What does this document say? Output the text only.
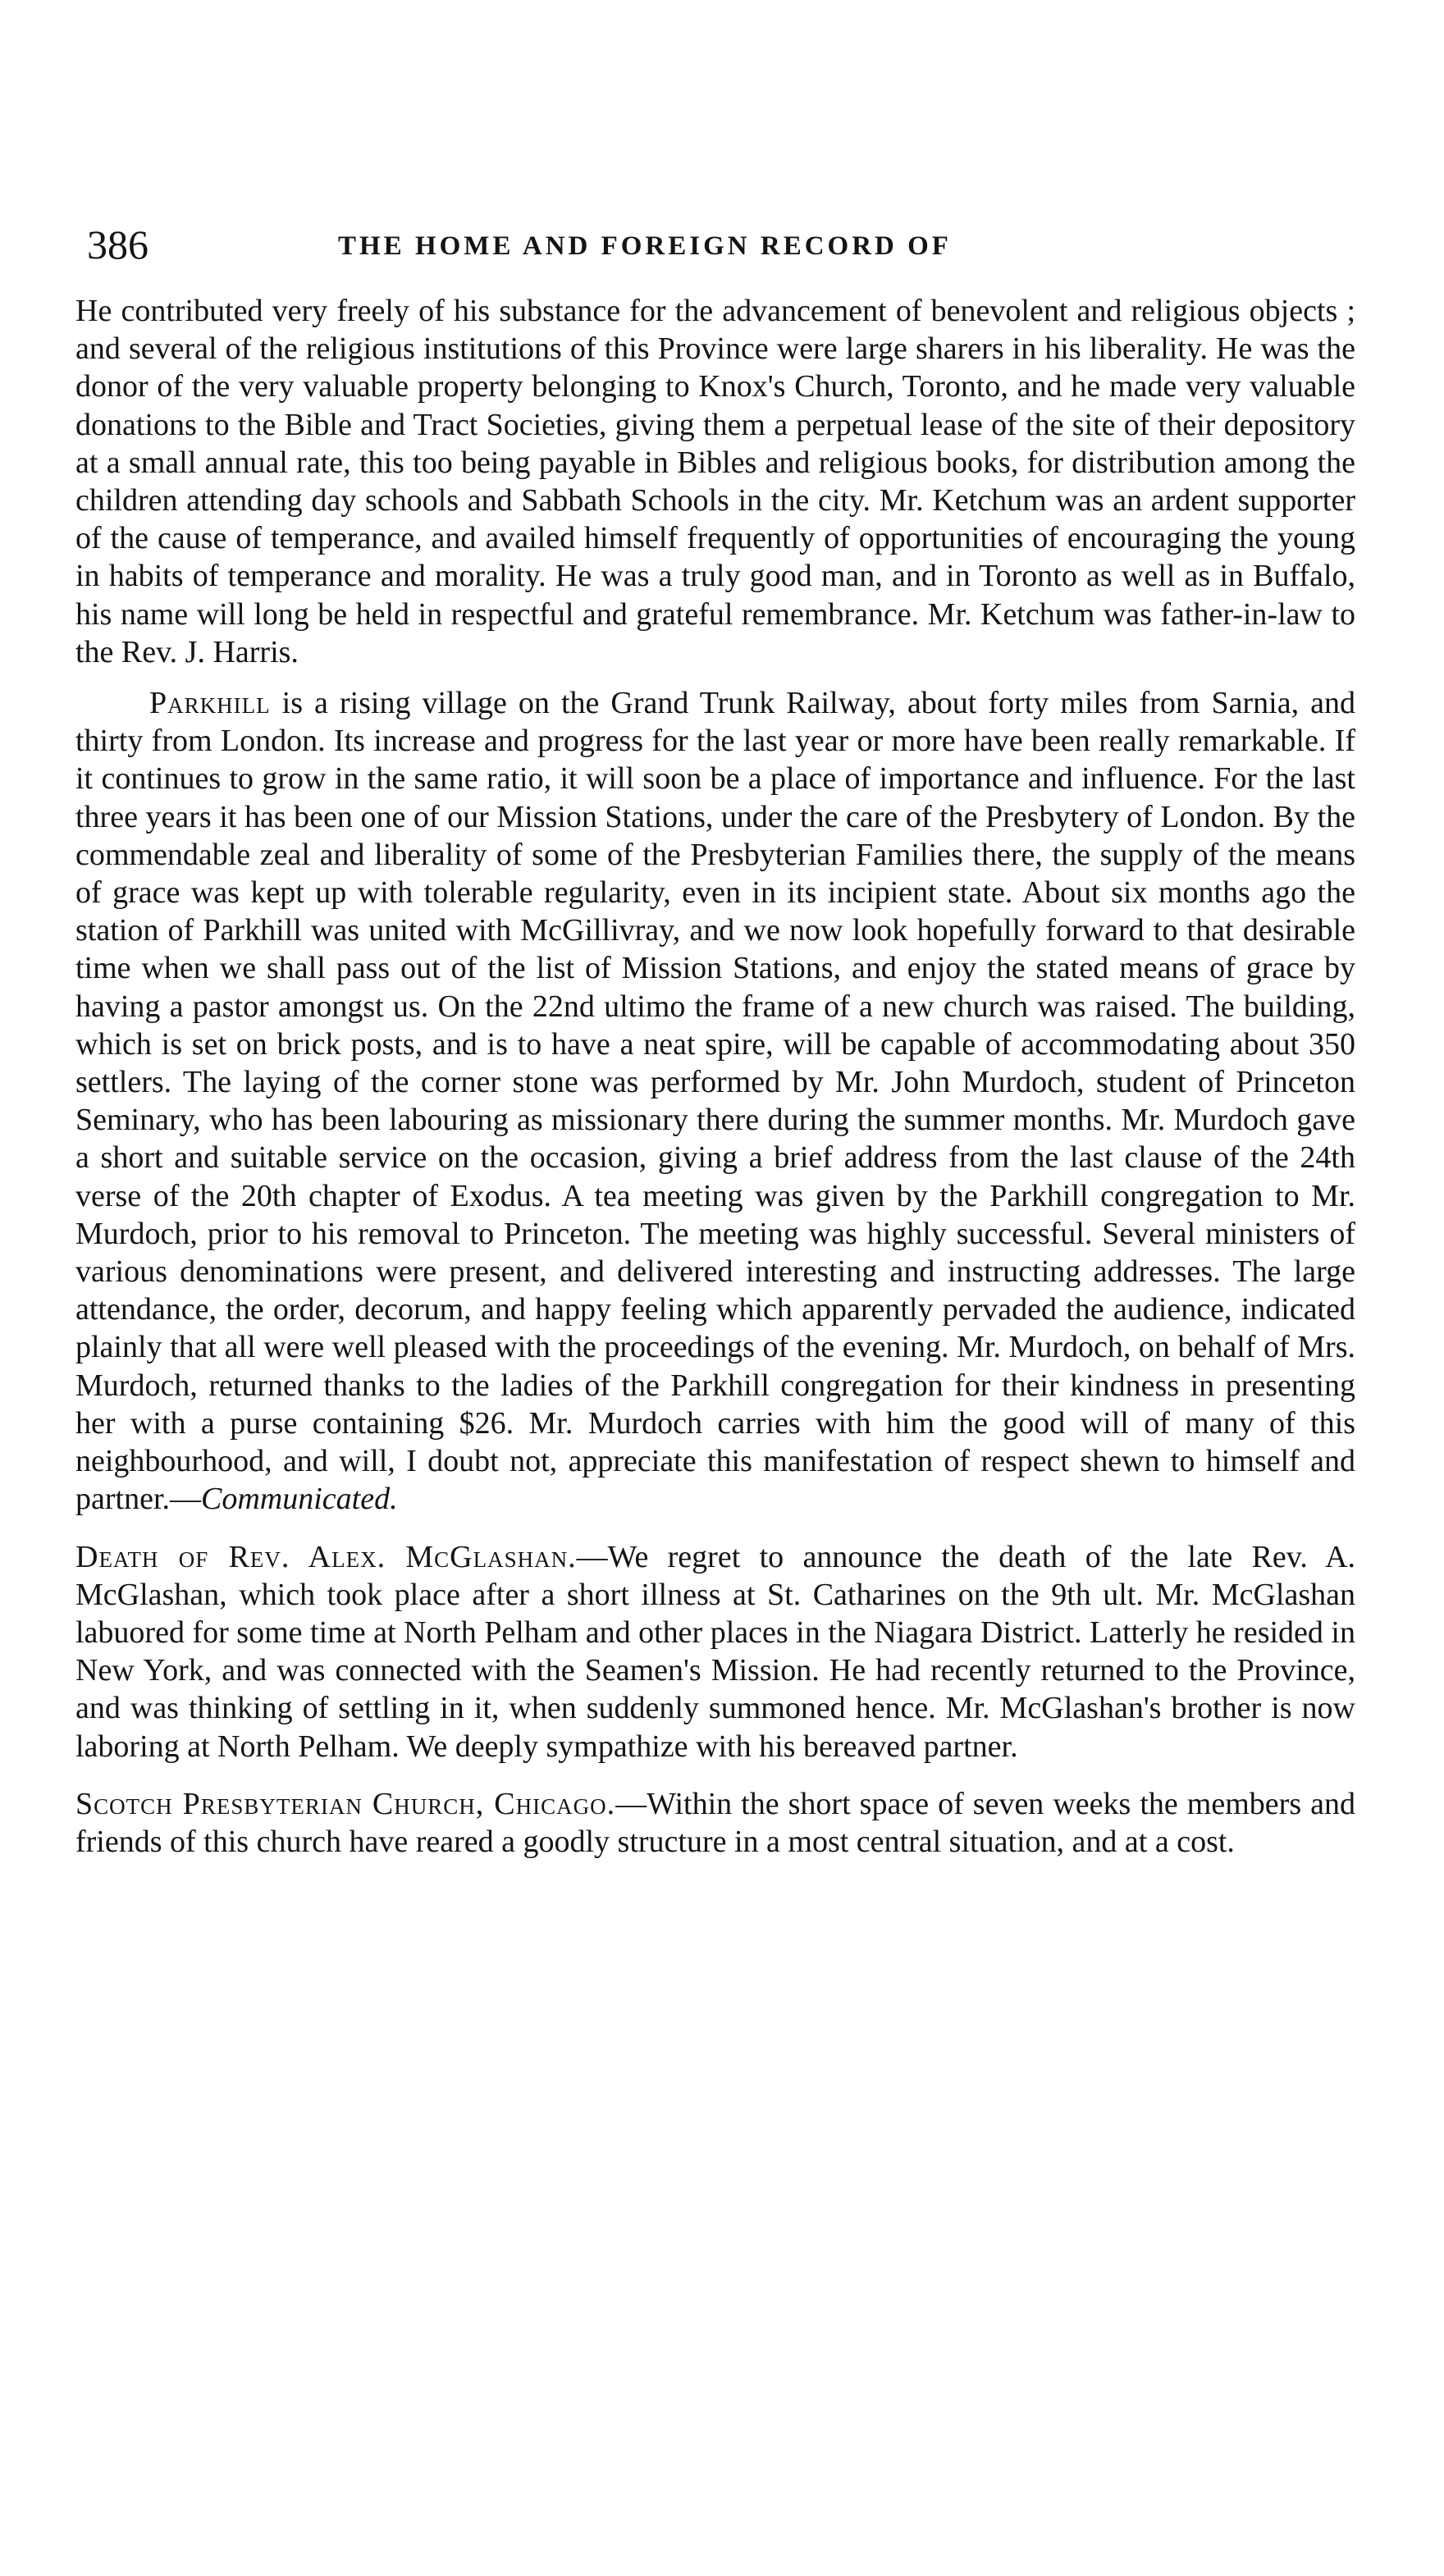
386	THE HOME AND FOREIGN RECORD OF

He contributed very freely of his substance for the advancement of benevolent and religious objects ; and several of the religious institutions of this Province were large sharers in his liberality. He was the donor of the very valuable property belonging to Knox's Church, Toronto, and he made very valuable donations to the Bible and Tract Societies, giving them a perpetual lease of the site of their depository at a small annual rate, this too being payable in Bibles and religious books, for distribution among the children attending day schools and Sabbath Schools in the city. Mr. Ketchum was an ardent supporter of the cause of temperance, and availed himself frequently of opportunities of encouraging the young in habits of temperance and morality. He was a truly good man, and in Toronto as well as in Buffalo, his name will long be held in respectful and grateful remembrance. Mr. Ketchum was father-in-law to the Rev. J. Harris.

Parkhill is a rising village on the Grand Trunk Railway, about forty miles from Sarnia, and thirty from London. Its increase and progress for the last year or more have been really remarkable. If it continues to grow in the same ratio, it will soon be a place of importance and influence. For the last three years it has been one of our Mission Stations, under the care of the Presbytery of London. By the commendable zeal and liberality of some of the Presbyterian Families there, the supply of the means of grace was kept up with tolerable regularity, even in its incipient state. About six months ago the station of Parkhill was united with McGillivray, and we now look hopefully forward to that desirable time when we shall pass out of the list of Mission Stations, and enjoy the stated means of grace by having a pastor amongst us. On the 22nd ultimo the frame of a new church was raised. The building, which is set on brick posts, and is to have a neat spire, will be capable of accommodating about 350 settlers. The laying of the corner stone was performed by Mr. John Murdoch, student of Princeton Seminary, who has been labouring as missionary there during the summer months. Mr. Murdoch gave a short and suitable service on the occasion, giving a brief address from the last clause of the 24th verse of the 20th chapter of Exodus. A tea meeting was given by the Parkhill congregation to Mr. Murdoch, prior to his removal to Princeton. The meeting was highly successful. Several ministers of various denominations were present, and delivered interesting and instructing addresses. The large attendance, the order, decorum, and happy feeling which apparently pervaded the audience, indicated plainly that all were well pleased with the proceedings of the evening. Mr. Murdoch, on behalf of Mrs. Murdoch, returned thanks to the ladies of the Parkhill congregation for their kindness in presenting her with a purse containing $26. Mr. Murdoch carries with him the good will of many of this neighbourhood, and will, I doubt not, appreciate this manifestation of respect shewn to himself and partner.—Communicated.

Death of Rev. Alex. McGlashan.—We regret to announce the death of the late Rev. A. McGlashan, which took place after a short illness at St. Catharines on the 9th ult. Mr. McGlashan labuored for some time at North Pelham and other places in the Niagara District. Latterly he resided in New York, and was connected with the Seamen's Mission. He had recently returned to the Province, and was thinking of settling in it, when suddenly summoned hence. Mr. McGlashan's brother is now laboring at North Pelham. We deeply sympathize with his bereaved partner.

Scotch Presbyterian Church, Chicago.—Within the short space of seven weeks the members and friends of this church have reared a goodly structure in a most central situation, and at a cost.
